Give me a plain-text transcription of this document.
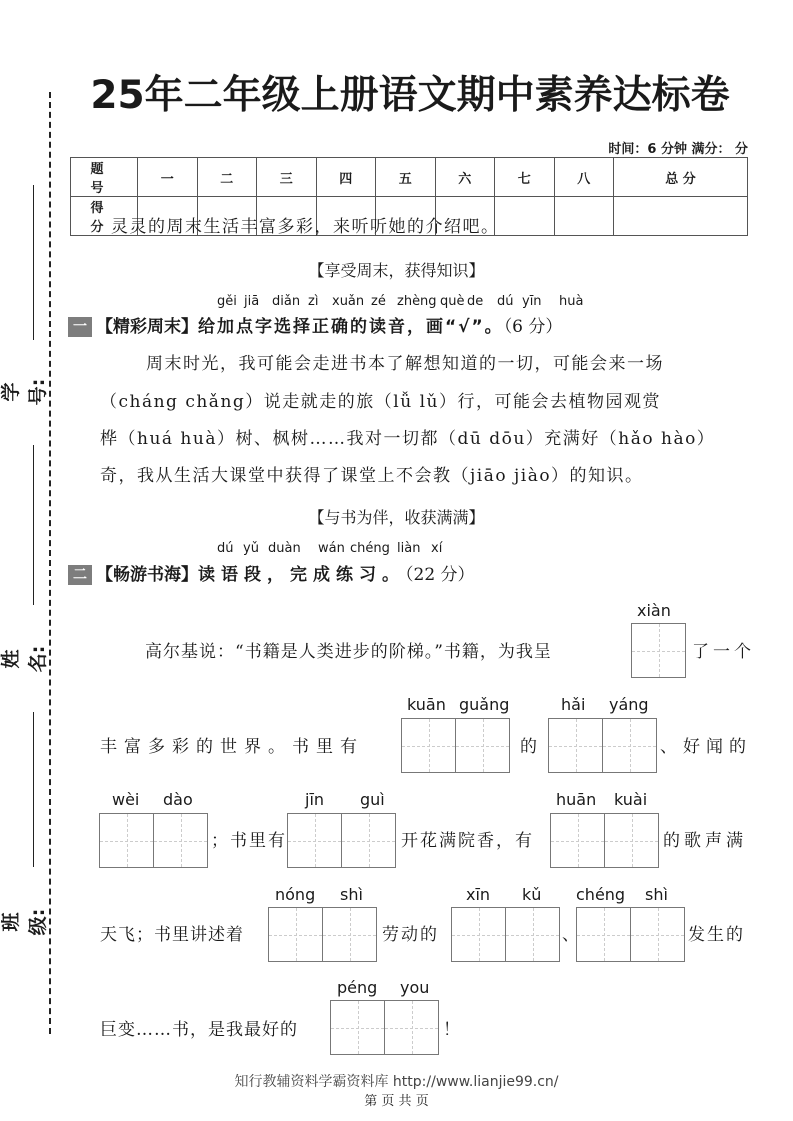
学号:
姓名:
班级:
25年二年级上册语文期中素养达标卷
时间：6 分钟 满分： 分
题 号	一	二	三	四	五	六	七	八	总 分
得 分									
灵灵的周末生活丰富多彩，来听听她的介绍吧。
【享受周末，获得知识】
gěi jiā diǎn zì xuǎn zé zhèng què de dú yīn huà
一 【精彩周末】给加点字选择正确的读音，画“√”。（6 分）
周末时光，我可能会走进书本了解想知道的一切，可能会来一场
（cháng chǎng）说走就走的旅（lǚ lǔ）行，可能会去植物园观赏
桦（huá huà）树、枫树……我对一切都（dū dōu）充满好（hǎo hào）
奇，我从生活大课堂中获得了课堂上不会教（jiāo jiào）的知识。
【与书为伴，收获满满】
dú yǔ duàn wán chéng liàn xí
二 【畅游书海】读语段，完成练习。（22 分）
高尔基说：“书籍是人类进步的阶梯。”书籍，为我呈
xiàn
了一个
丰富多彩的世界。书里有
kuān guǎng
的
hǎi yáng
、好闻的
wèi dào
；书里有
jīn guì
开花满院香，有
huān kuài
的歌声满
天飞；书里讲述着
nóng shì
劳动的
xīn kǔ
、
chéng shì
发生的
巨变……书，是我最好的
péng you
！
知行教辅资料学霸资料库 http://www.lianjie99.cn/
第 页 共 页
